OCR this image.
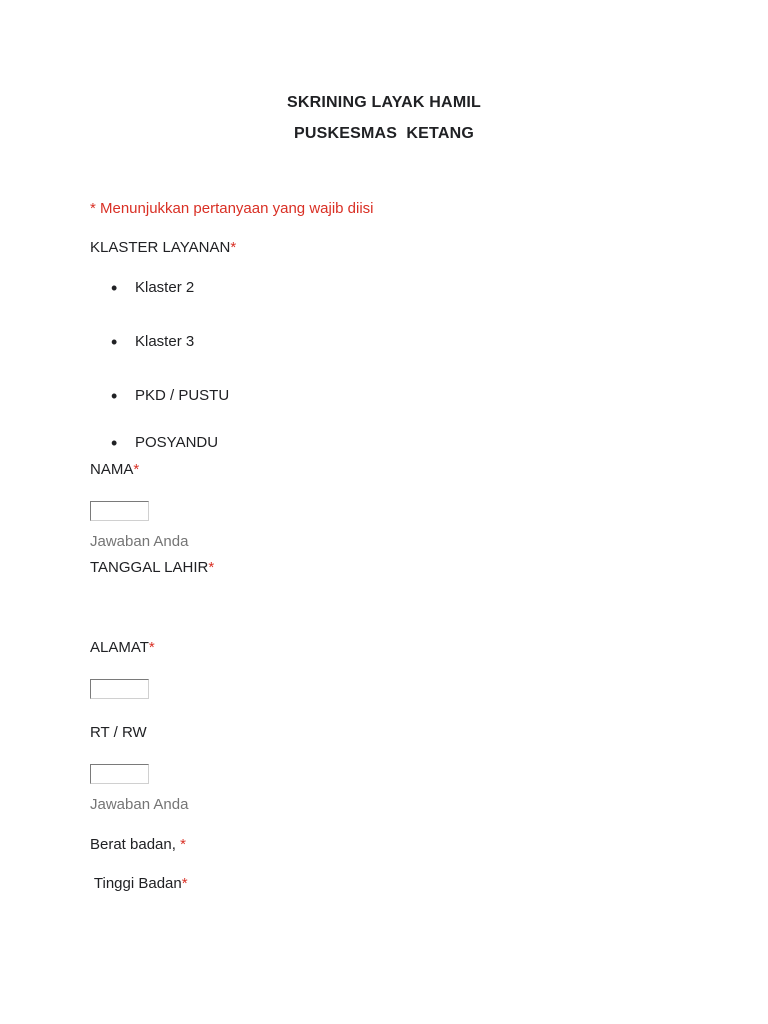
SKRINING LAYAK HAMIL
PUSKESMAS  KETANG
* Menunjukkan pertanyaan yang wajib diisi
KLASTER LAYANAN*
• Klaster 2
• Klaster 3
• PKD / PUSTU
• POSYANDU
NAMA*
Jawaban Anda
TANGGAL LAHIR*
ALAMAT*
RT / RW
Jawaban Anda
Berat badan, *
Tinggi Badan*
